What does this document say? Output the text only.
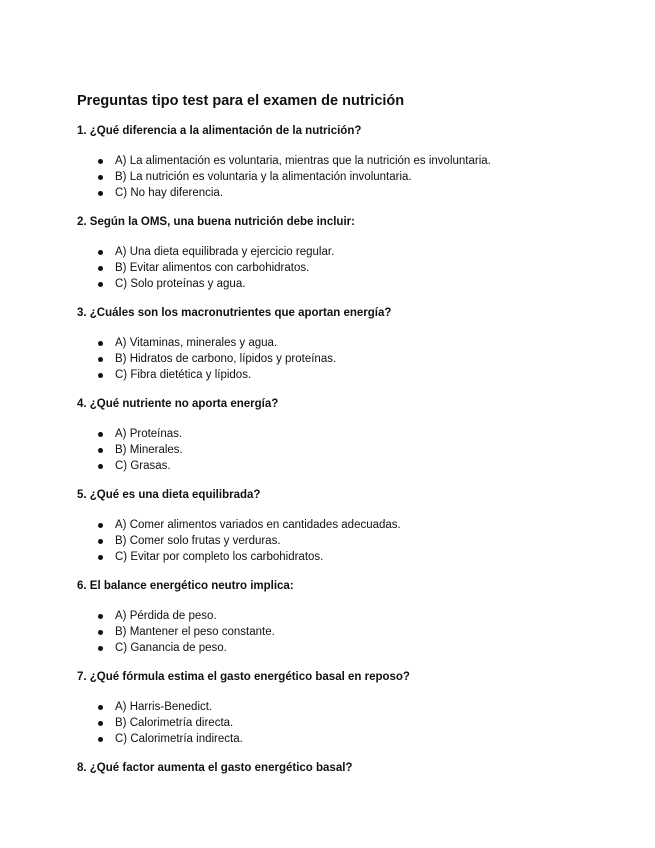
Preguntas tipo test para el examen de nutrición

1. ¿Qué diferencia a la alimentación de la nutrición?

A) La alimentación es voluntaria, mientras que la nutrición es involuntaria.
B) La nutrición es voluntaria y la alimentación involuntaria.
C) No hay diferencia.

2. Según la OMS, una buena nutrición debe incluir:

A) Una dieta equilibrada y ejercicio regular.
B) Evitar alimentos con carbohidratos.
C) Solo proteínas y agua.

3. ¿Cuáles son los macronutrientes que aportan energía?

A) Vitaminas, minerales y agua.
B) Hidratos de carbono, lípidos y proteínas.
C) Fibra dietética y lípidos.

4. ¿Qué nutriente no aporta energía?

A) Proteínas.
B) Minerales.
C) Grasas.

5. ¿Qué es una dieta equilibrada?

A) Comer alimentos variados en cantidades adecuadas.
B) Comer solo frutas y verduras.
C) Evitar por completo los carbohidratos.

6. El balance energético neutro implica:

A) Pérdida de peso.
B) Mantener el peso constante.
C) Ganancia de peso.

7. ¿Qué fórmula estima el gasto energético basal en reposo?

A) Harris-Benedict.
B) Calorimetría directa.
C) Calorimetría indirecta.

8. ¿Qué factor aumenta el gasto energético basal?
